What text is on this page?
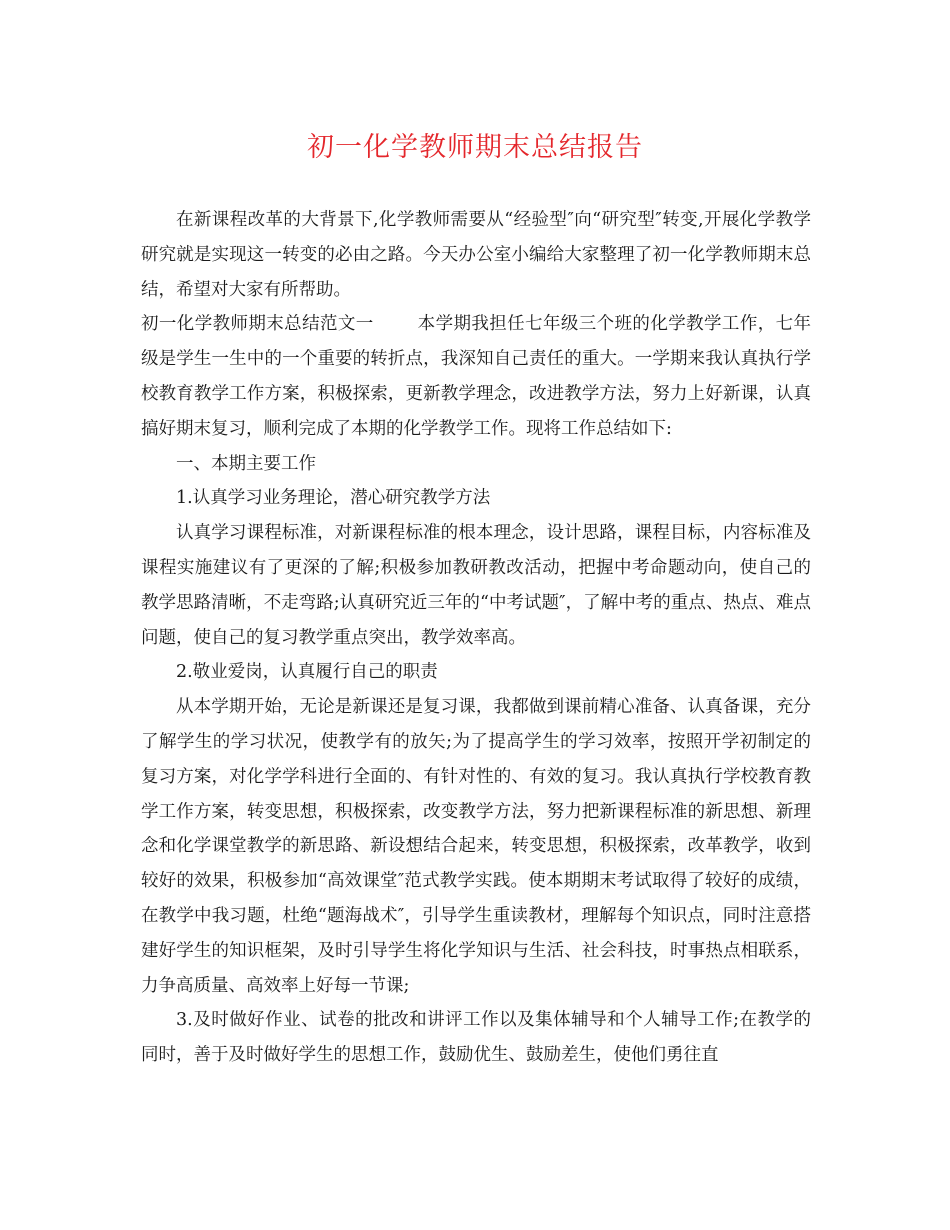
初一化学教师期末总结报告

在新课程改革的大背景下,化学教师需要从“经验型″向“研究型″转变,开展化学教学研究就是实现这一转变的必由之路。今天办公室小编给大家整理了初一化学教师期末总结，希望对大家有所帮助。

初一化学教师期末总结范文一	本学期我担任七年级三个班的化学教学工作，七年级是学生一生中的一个重要的转折点，我深知自己责任的重大。一学期来我认真执行学校教育教学工作方案，积极探索，更新教学理念，改进教学方法，努力上好新课，认真搞好期末复习，顺利完成了本期的化学教学工作。现将工作总结如下:

一、本期主要工作

1.认真学习业务理论，潜心研究教学方法

认真学习课程标准，对新课程标准的根本理念，设计思路，课程目标，内容标准及课程实施建议有了更深的了解;积极参加教研教改活动，把握中考命题动向，使自己的教学思路清晰，不走弯路;认真研究近三年的“中考试题″，了解中考的重点、热点、难点问题，使自己的复习教学重点突出，教学效率高。

2.敬业爱岗，认真履行自己的职责

从本学期开始，无论是新课还是复习课，我都做到课前精心准备、认真备课，充分了解学生的学习状况，使教学有的放矢;为了提高学生的学习效率，按照开学初制定的复习方案，对化学学科进行全面的、有针对性的、有效的复习。我认真执行学校教育教学工作方案，转变思想，积极探索，改变教学方法，努力把新课程标准的新思想、新理念和化学课堂教学的新思路、新设想结合起来，转变思想，积极探索，改革教学，收到较好的效果，积极参加“高效课堂″范式教学实践。使本期期末考试取得了较好的成绩， 在教学中我习题，杜绝“题海战术″，引导学生重读教材，理解每个知识点，同时注意搭建好学生的知识框架，及时引导学生将化学知识与生活、社会科技，时事热点相联系，力争高质量、高效率上好每一节课;

3.及时做好作业、试卷的批改和讲评工作以及集体辅导和个人辅导工作;在教学的同时，善于及时做好学生的思想工作，鼓励优生、鼓励差生，使他们勇往直
